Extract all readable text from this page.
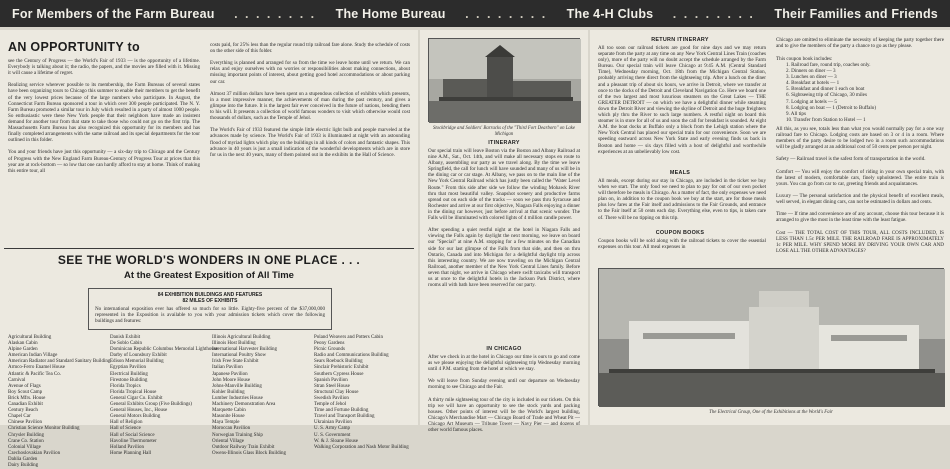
For Members of the Farm Bureau . . . . . . . . The Home Bureau . . . . . . . . The 4-H Clubs . . . . . . . . Their Families and Friends
AN OPPORTUNITY to
see the Century of Progress — the World's Fair of 1933 — is the opportunity of a lifetime. Everybody is talking about it; the radio, the papers, and the movies are filled with it. Missing it will cause a lifetime of regret.

Realizing service wherever possible to its membership, the Farm Bureaus of several states have been organizing tours to Chicago this summer to enable their members to get the benefit of the very lowest prices because of the large numbers who participate. In August, the Connecticut Farm Bureau sponsored a tour in which over 300 people participated. The N. Y. Farm Bureau promoted a similar tour in July which resulted in a party of almost 1000 people. So enthusiastic were these New York people that their neighbors have made an insistent demand for another tour from that state to take those who could not go on the first trip. The Massachusetts Farm Bureau has also recognized this opportunity for its members and has finally completed arrangements with the same railroad and its special departments for the tour outlined in this folder.

You and your friends have just this opportunity — a six-day trip to Chicago and the Century of Progress with the New England Farm Bureau-Century of Progress Tour at prices that this year are at rock-bottom — so low that one can hardly afford to stay at home. Think of making this entire tour, all
costs paid, for 25% less than the regular round trip railroad fare alone. Study the schedule of costs on the other side of this folder.

Everything is planned and arranged for so from the time we leave home until we return. We can relax and enjoy ourselves with no worries or responsibilities about making connections, about missing important points of interest, about getting good hotel accommodations or about parking our car.

Almost 37 million dollars have been spent on a stupendous collection of exhibits which presents, in a most impressive manner, the achievements of man during the past century, and gives a glimpse into the future. It is the largest fair ever conceived in the future of nations, bending them to his will. It presents a collection of world famous wonders to visit which otherwise would cost thousands of dollars, such as the Temple of Jehol.

The World's Fair of 1933 featured the simple little electric light bulb and people marveled at the advances made by science. The World's Fair of 1933 is illuminated at night with an astounding flood of myriad lights which play on the buildings in all kinds of colors and fantastic shapes. This advance in 40 years is just a small indication of the wonderful developments which are in store for us in the next 40 years, many of them pointed out in the exhibits in the Hall of Science.
SEE THE WORLD'S WONDERS IN ONE PLACE . . .
At the Greatest Exposition of All Time
84 EXHIBITION BUILDINGS AND FEATURES
82 MILES OF EXHIBITS
No international exposition ever has offered so much for so little. Eighty-five percent of the $37,000,000 represented in the Exposition is available to you with your admission tickets which cover the following buildings and features:
Agricultural Building
Alaskan Cabin
Alpine Garden
American Indian Village
American Radiator and Standard Sanitary Building
Armco-Ferro Enamel House
Atlantic & Pacific Tea Co.
Carnival
Avenue of Flags
Boy Scout Camp
Brick Mfrs. House
Canadian Exhibit
Century Beach
Chapel Car
Chinese Pavilion
Christian Science Monitor Building
Chrysler Building
Crane Co. Station
Colonial Village
Czechoslovakian Pavilion
Dahlia Garden
Dairy Building
Danish Exhibit
De Soblo Cabin
Dominican Republic Columbus Memorial Lighthouse
Darby of Lounsbury Exhibit
Edison Memorial Building
Egyptian Pavilion
Electrical Building
Firestone Building
Florida Tropics
Florida Tropical House
General Cigar Co. Exhibit
General Exhibits Group (Five Buildings)
General Houses, Inc., House
General Motors Building
Hall of Religion
Hall of Science
Hall of Social Science
Havoline Thermometer
Holland Pavilion
Home Planning Hall
Illinois Agricultural Building
Illinois Host Building
International Harvester Building
International Poultry Show
Irish Free State Exhibit
Italian Pavilion
Japanese Pavilion
John Moore House
Johns-Manville Building
Kohler Building
Lumber Industries House
Machinery Demonstration Area
Marquette Cabin
Masonite House
Maya Temple
Moroccan Pavilion
Norwegian Training Ship
Oriental Village
Outdoor Railway Train Exhibit
Owens-Illinois Glass Block Building
Poland Weavers and Potters Cabin
Peony Gardens
Picnic Grounds
Radio and Communications Building
Sears Roebuck Building
Sinclair Prehistoric Exhibit
Southern Cypress House
Spanish Pavilion
Stran Steel House
Structural Clay House
Swedish Pavilion
Temple of Jehol
Time and Fortune Building
Travel and Transport Building
Ukrainian Pavilion
U. S. Army Camp
U. S. Government
W. & J. Sloane House
Walking Corporation and Nash Motor Building
Stockbridge and Soldiers' Barracks of the "Third Fort Dearborn" on Lake Michigan
ITINERARY
Our special train will leave Boston via the Boston and Albany Railroad at nine A.M., Sat., Oct. 14th, and will make all necessary stops en route to Albany, assembling our party as we travel along. By the time we leave Springfield, the call for lunch will have sounded and many of us will be in the dining car or car stage. At Albany, we pass on to the main line of the New York Central Railroad which has justly been called the "Water Level Route." From this side after side we follow the winding Mohawk River thru that most beautiful valley. Snapshot scenery and productive farms spread out on each side of the tracks — soon we pass thru Syracuse and Rochester and arrive at our first objective, Niagara Falls enjoying a dinner in the dining car however, just before arrival at that scenic wonder. The Falls will be illuminated with colored lights of 4 million candle power.

After spending a quiet restful night at the hotel in Niagara Falls and viewing the Falls again by daylight the next morning, we leave on board our "Special" at nine A.M. stopping for a few minutes on the Canadian side for our last glimpse of the Falls from that side, and then on thru Ontario, Canada and into Michigan for a delightful daylight trip across this interesting country. We are now traveling on the Michigan Central Railroad, another member of the New York Central Lines family. Before seven that night, we arrive in Chicago where swift taxicabs will transport us at once to the delightful hotels in the Jackson Park District, where rooms all with bath have been reserved for our party.
IN CHICAGO
After we check in at the hotel in Chicago our time is ours to go and come as we please enjoying the delightful sightseeing trip Wednesday morning until 4 P.M. starting from the hotel at which we stay.

We will leave from Sunday evening until our departure on Wednesday morning to see Chicago and the Fair.

A thirty mile sightseeing tour of the city is included in our tickets. On this trip we will have an opportunity to see the stock yards and packing houses. Other points of interest will be the World's largest building, Chicago's Merchandise Mart — Chicago Board of Trade and Wheat Pit — Chicago Art Museum — Tribune Tower — Navy Pier — and dozens of other world famous places.
RETURN ITINERARY
All too soon our railroad tickets are good for nine days and we may return separate from the party at any time on any New York Central Lines Train (coaches only), more of the party will no doubt accept the schedule arranged by the Farm Bureau. Our special train will leave Chicago at 9:45 A.M. (Central Standard Time), Wednesday morning, Oct. 18th from the Michigan Central Station, probably arriving there direct from the sightseeing trip. After a lunch on the diner and a pleasant trip of about six hours, we arrive in Detroit, where we transfer at once to the docks of the Detroit and Cleveland Navigation Co. Here we board one of the two largest and most luxurious steamers on the Great Lakes — THE GREATER DETROIT — on which we have a delightful dinner while steaming down the Detroit River and viewing the skyline of Detroit and the huge freighters which ply thru the River to such large numbers. A restful night on board this steamer is in store for all of us and soon the call for breakfast is sounded. At eight A.M. the boat docks at Buffalo only a block from the Lehigh station where the New York Central has placed our special train for our convenience. Soon we are speeding eastward across New York State and early evening finds us back in Boston and home — six days filled with a host of delightful and worthwhile experiences at an unbelievably low cost.
MEALS
All meals, except during our stay in Chicago, are included in the ticket we buy when we start. The only food we need to plan to pay for out of our own pocket will therefore be meals in Chicago. As a matter of fact, the only expenses we need plan on, in addition to the coupon book we buy at the start, are for those meals plus low fares at the Fair itself and admissions to the Fair Grounds, and entrance to the Fair itself at 50 cents each day. Everything else, even to tips, is taken care of. There will be no tipping on this trip.
COUPON BOOKS
Coupon books will be sold along with the railroad tickets to cover the essential expenses on this tour. All meal expenses in
Chicago are omitted to eliminate the necessity of keeping the party together there and to give the members of the party a chance to go as they please.
This coupon book includes:
1. Railroad fare, round trip, coaches only.
2. Dinners on diner — 3
3. Lunches on diner — 3
4. Breakfast at hotels — 1
5. Breakfast and dinner 1 each on boat
6. Sightseeing trip of Chicago, 30 miles
7. Lodging at hotels — 5
8. Lodging on boat — 1 (Detroit to Buffalo)
9. All tips
10. Transfer from Station to Hotel — 1
All this, as you see, totals less than what you would normally pay for a one way railroad fare to Chicago. Lodging costs are based on 3 or 4 in a room. Where members of the party desire to be lodged two in a room such accommodations will be gladly arranged at an additional cost of 50 cents per person per night.

Safety — Railroad travel is the safest form of transportation in the world.

Comfort — You will enjoy the comfort of riding in your own special train, with the latest of modern, comfortable cars, finely upholstered. The entire train is yours. You can go from car to car, greeting friends and acquaintances.

Luxury — The personal satisfaction and the physical benefit of excellent meals, well served, in elegant dining cars, can not be estimated in dollars and cents.

Time — If time and convenience are of any account, choose this tour because it is arranged to give the most in the least time with the least fatigue.

Cost — THE TOTAL COST OF THIS TOUR, ALL COSTS INCLUDED, IS LESS THAN 1.5c PER MILE. THE RAILROAD FARE IS APPROXIMATELY 1c PER MILE. WHY SPEND MORE BY DRIVING YOUR OWN CAR AND LOSE ALL THE OTHER ADVANTAGES?
The Electrical Group, One of the Exhibitions at the World's Fair
